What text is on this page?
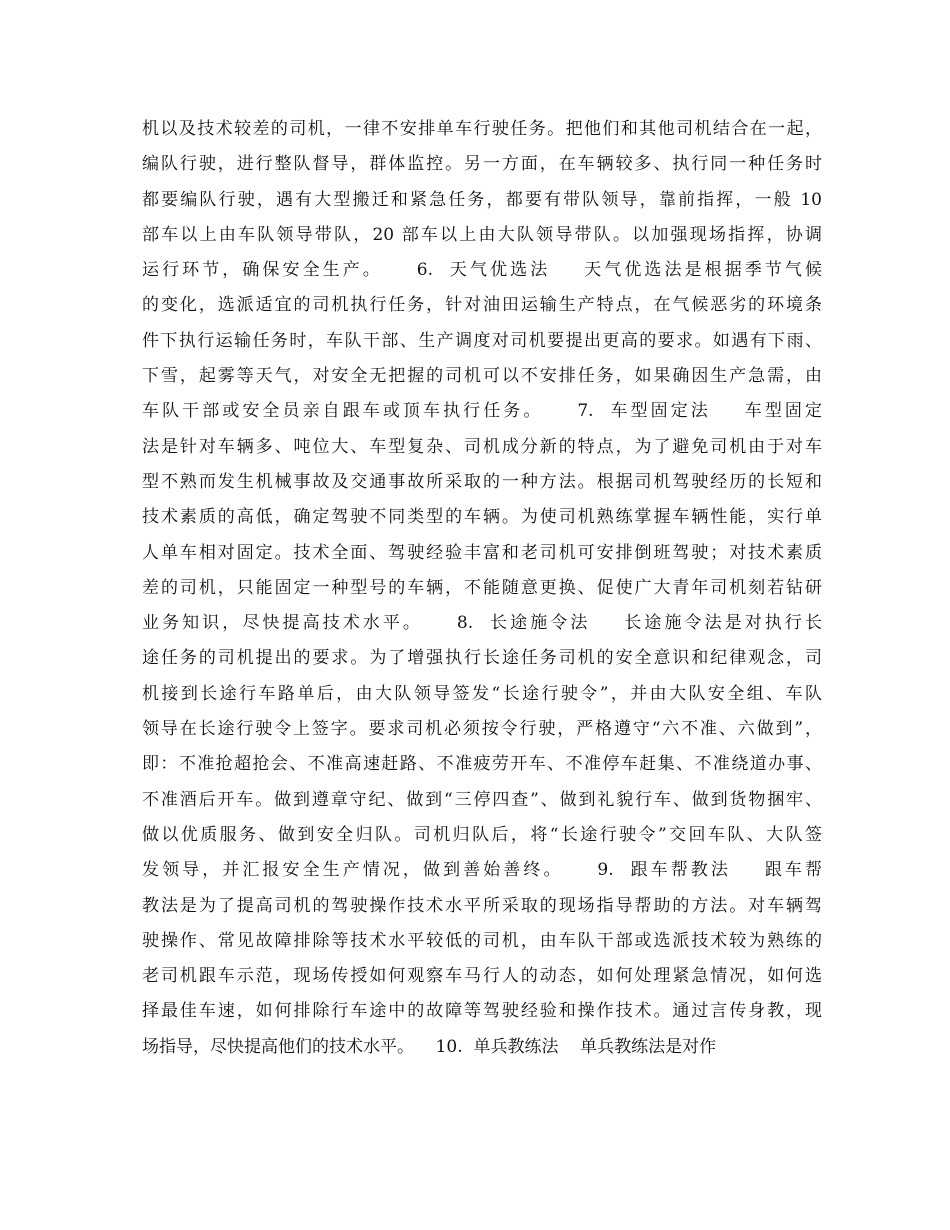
机以及技术较差的司机，一律不安排单车行驶任务。把他们和其他司机结合在一起，
编队行驶，进行整队督导，群体监控。另一方面，在车辆较多、执行同一种任务时
都要编队行驶，遇有大型搬迁和紧急任务，都要有带队领导，靠前指挥，一般 10
部车以上由车队领导带队，20 部车以上由大队领导带队。以加强现场指挥，协调
运行环节，确保安全生产。    6.  天气优选法    天气优选法是根据季节气候
的变化，选派适宜的司机执行任务，针对油田运输生产特点，在气候恶劣的环境条
件下执行运输任务时，车队干部、生产调度对司机要提出更高的要求。如遇有下雨、
下雪，起雾等天气，对安全无把握的司机可以不安排任务，如果确因生产急需，由
车队干部或安全员亲自跟车或顶车执行任务。    7.  车型固定法    车型固定
法是针对车辆多、吨位大、车型复杂、司机成分新的特点，为了避免司机由于对车
型不熟而发生机械事故及交通事故所采取的一种方法。根据司机驾驶经历的长短和
技术素质的高低，确定驾驶不同类型的车辆。为使司机熟练掌握车辆性能，实行单
人单车相对固定。技术全面、驾驶经验丰富和老司机可安排倒班驾驶；对技术素质
差的司机，只能固定一种型号的车辆，不能随意更换、促使广大青年司机刻若钻研
业务知识，尽快提高技术水平。    8.  长途施令法    长途施令法是对执行长
途任务的司机提出的要求。为了增强执行长途任务司机的安全意识和纪律观念，司
机接到长途行车路单后，由大队领导签发“长途行驶令”，并由大队安全组、车队
领导在长途行驶令上签字。要求司机必须按令行驶，严格遵守“六不准、六做到”，
即：不准抢超抢会、不准高速赶路、不准疲劳开车、不准停车赶集、不准绕道办事、
不准酒后开车。做到遵章守纪、做到“三停四查”、做到礼貌行车、做到货物捆牢、
做以优质服务、做到安全归队。司机归队后，将“长途行驶令”交回车队、大队签
发领导，并汇报安全生产情况，做到善始善终。    9.  跟车帮教法    跟车帮
教法是为了提高司机的驾驶操作技术水平所采取的现场指导帮助的方法。对车辆驾
驶操作、常见故障排除等技术水平较低的司机，由车队干部或选派技术较为熟练的
老司机跟车示范，现场传授如何观察车马行人的动态，如何处理紧急情况，如何选
择最佳车速，如何排除行车途中的故障等驾驶经验和操作技术。通过言传身教，现
场指导，尽快提高他们的技术水平。    10.  单兵教练法    单兵教练法是对作
